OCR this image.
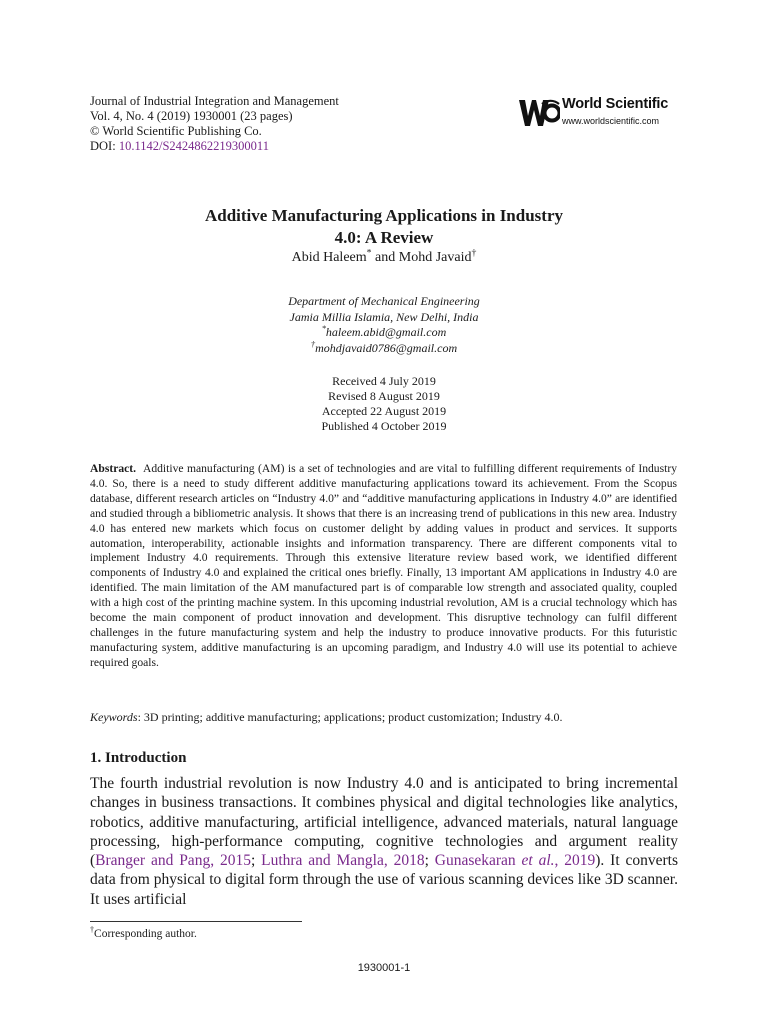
Journal of Industrial Integration and Management
Vol. 4, No. 4 (2019) 1930001 (23 pages)
© World Scientific Publishing Co.
DOI: 10.1142/S2424862219300011
World Scientific
www.worldscientific.com
Additive Manufacturing Applications in Industry
4.0: A Review
Abid Haleem* and Mohd Javaid†
Department of Mechanical Engineering
Jamia Millia Islamia, New Delhi, India
*haleem.abid@gmail.com
†mohdjavaid0786@gmail.com
Received 4 July 2019
Revised 8 August 2019
Accepted 22 August 2019
Published 4 October 2019
Abstract. Additive manufacturing (AM) is a set of technologies and are vital to fulfilling different requirements of Industry 4.0. So, there is a need to study different additive manufacturing applications toward its achievement. From the Scopus database, different research articles on “Industry 4.0” and “additive manufacturing applications in Industry 4.0” are identified and studied through a bibliometric analysis. It shows that there is an increasing trend of publications in this new area. Industry 4.0 has entered new markets which focus on customer delight by adding values in product and services. It supports automation, interoperability, actionable insights and information transparency. There are different components vital to implement Industry 4.0 requirements. Through this extensive literature review based work, we identified different components of Industry 4.0 and explained the critical ones briefly. Finally, 13 important AM applications in Industry 4.0 are identified. The main limitation of the AM manufactured part is of comparable low strength and associated quality, coupled with a high cost of the printing machine system. In this upcoming industrial revolution, AM is a crucial technology which has become the main component of product innovation and development. This disruptive technology can fulfil different challenges in the future manufacturing system and help the industry to produce innovative products. For this futuristic manufacturing system, additive manufacturing is an upcoming paradigm, and Industry 4.0 will use its potential to achieve required goals.
Keywords: 3D printing; additive manufacturing; applications; product customization; Industry 4.0.
1. Introduction
The fourth industrial revolution is now Industry 4.0 and is anticipated to bring incremental changes in business transactions. It combines physical and digital technologies like analytics, robotics, additive manufacturing, artificial intelligence, advanced materials, natural language processing, high-performance computing, cognitive technologies and argument reality (Branger and Pang, 2015; Luthra and Mangla, 2018; Gunasekaran et al., 2019). It converts data from physical to digital form through the use of various scanning devices like 3D scanner. It uses artificial
†Corresponding author.
1930001-1
